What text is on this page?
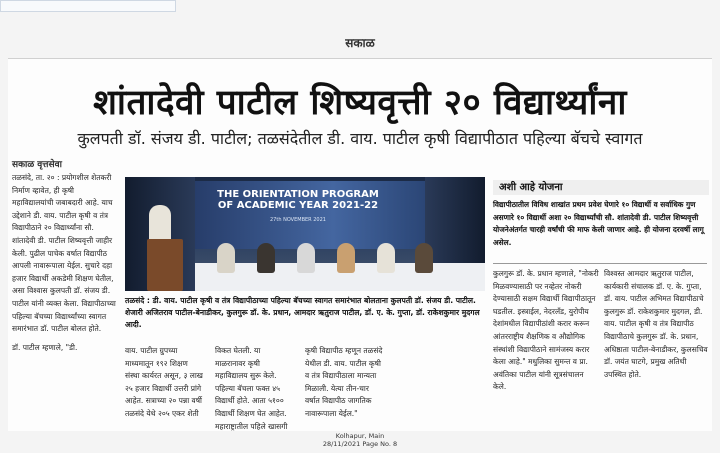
सकाळ
शांतादेवी पाटील शिष्यवृत्ती २० विद्यार्थ्यांना
कुलपती डॉ. संजय डी. पाटील; तळसंदेतील डी. वाय. पाटील कृषी विद्यापीठात पहिल्या बॅचचे स्वागत
सकाळ वृत्तसेवा

तळसंदे, ता. २० : प्रयोगशील शेतकरी निर्माण व्हावेत, ही कृषी महाविद्यालयांची जबाबदारी आहे. याच उद्देशाने डी. वाय. पाटील कृषी व तंत्र विद्यापीठाने २० विद्यार्थ्यांना सौ. शांतादेवी डी. पाटील शिष्यवृत्ती जाहीर केली. पुढील पाचेक वर्षात विद्यापीठ आपली नावारूपाला येईल. सुचारे दहा हजार विद्यार्थी अकडेमी शिक्षण घेतील, असा विश्वास कुलपती डॉ. संजय डी. पाटील यांनी व्यक्त केला. विद्यापीठाच्या पहिल्या बॅचच्या विद्यार्थ्यांच्या स्वागत समारंभात डॉ. पाटील बोलत होते.

डॉ. पाटील म्हणाले, "डी.

THE ORIENTATION PROGRAM OF ACADEMIC YEAR 2021-22
27th NOVEMBER 2021

तळसंदे : डी. वाय. पाटील कृषी व तंत्र विद्यापीठाच्या पहिल्या बॅचच्या स्वागत समारंभात बोलताना कुलपती डॉ. संजय डी. पाटील. शेजारी अजितराव पाटील-बेनाडीकर, कुलगुरू डॉ. के. प्रधान, आमदार ऋतुराज पाटील, डॉ. ए. के. गुप्ता, डॉ. राकेशकुमार मुदगल आदी.

वाय. पाटील ग्रुपच्या माध्यमातून १९२ शिक्षण संस्था कार्यरत असून, ३ लाख २५ हजार विद्यार्थी उत्तरी प्रांगे आहेत. सत्राच्या २० पन्ना वर्षी तळसंदे येथे २०५ एकर शेती

विकत घेतली. या माळरानावर कृषी महाविद्यालय सुरू केले. पहिल्या बॅचला फक्त ४५ विद्यार्थी होते. आता ५१०० विद्यार्थी शिक्षण घेत आहेत. महाराष्ट्रातील पहिले खासगी

कृषी विद्यापीठ म्हणून तळसंदे येथील डी. वाय. पाटील कृषी व तंत्र विद्यापीठाला मान्यता मिळाली. येत्या तीन-चार वर्षात विद्यापीठ जागतिक नावारूपाला येईल."

अशी आहे योजना

विद्यापीठातील विविध शाखांत प्रथम प्रवेश घेणारे १० विद्यार्थी व सर्वाधिक गुण असणारे १० विद्यार्थी अशा २० विद्यार्थ्यांची सौ. शांतादेवी डी. पाटील शिष्यवृत्ती योजनेअंतर्गत चारही वर्षांची फी माफ केली जाणार आहे. ही योजना दरवर्षी लागू असेल.

कुलगुरू डॉ. के. प्रधान म्हणाले, "नोकरी मिळवण्यासाठी पर नव्हेतर नोकरी देण्यासाठी सक्षम विद्यार्थी विद्यापीठातून घडतील. इस्त्राईल, नेदरलँड, युरोपीय देशांमधील विद्यापीठांशी करार करून आंतरराष्ट्रीय शैक्षणिक व औद्योगिक संस्थांशी विद्यापीठाने सामंजस्य करार केला आहे." मधुलिका सुमन्त व प्रा. अवंतिका पाटील यांनी सूत्रसंचालन केले.

विश्वस्त आमदार ऋतुराज पाटील, कार्यकारी संचालक डॉ. ए. के. गुप्ता, डॉ. वाय. पाटील अभिमत विद्यापीठाचे कुलगुरू डॉ. राकेशकुमार मुदगल, डी. वाय. पाटील कृषी व तंत्र विद्यापीठ विद्यापीठाचे कुलगुरू डॉ. के. प्रधान, अधिष्ठाता पाटील-बेनाडीकर, कुलसचिव डॉ. जयंत घाटगे, प्रमुख अतिथी उपस्थित होते.

Kolhapur, Main

28/11/2021 Page No. 8
